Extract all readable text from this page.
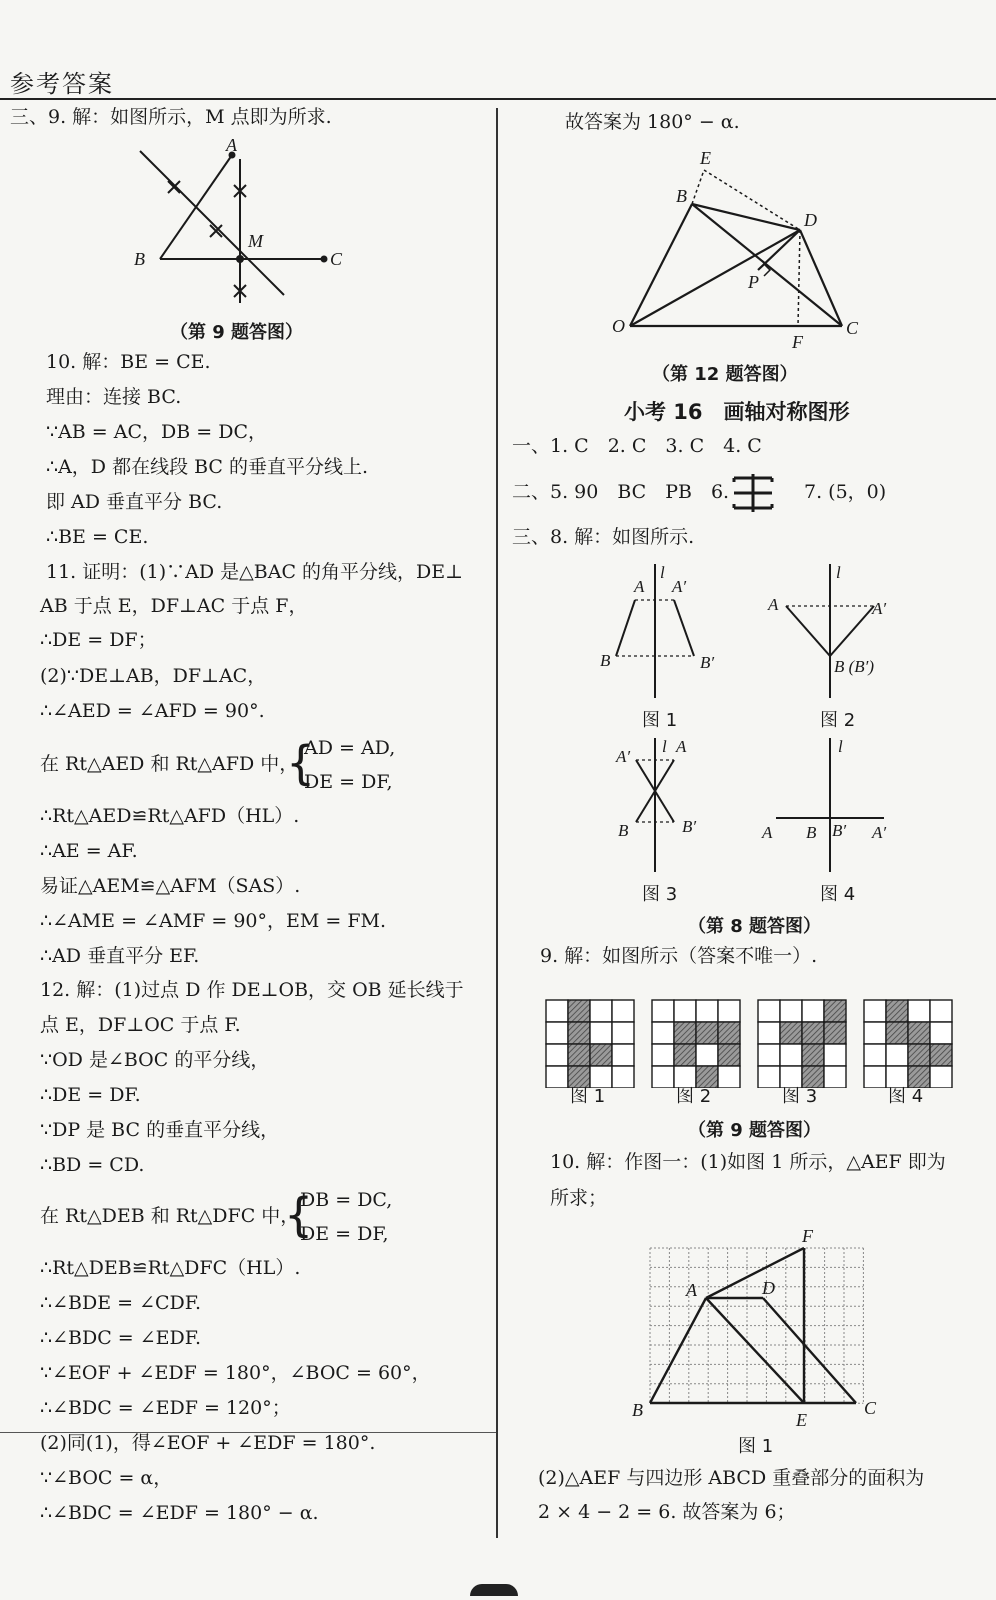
参考答案
三、9. 解：如图所示，M 点即为所求.
A
B	C
M
（第 9 题答图）
10. 解：BE = CE.
理由：连接 BC.
∵AB = AC，DB = DC，
∴A，D 都在线段 BC 的垂直平分线上.
即 AD 垂直平分 BC.
∴BE = CE.
11. 证明：(1)∵AD 是△BAC 的角平分线，DE⊥
AB 于点 E，DF⊥AC 于点 F，
∴DE = DF；
(2)∵DE⊥AB，DF⊥AC，
∴∠AED = ∠AFD = 90°.
在 Rt△AED 和 Rt△AFD 中，
{
AD = AD,
DE = DF,
∴Rt△AED≌Rt△AFD（HL）.
∴AE = AF.
易证△AEM≌△AFM（SAS）.
∴∠AME = ∠AMF = 90°，EM = FM.
∴AD 垂直平分 EF.
12. 解：(1)过点 D 作 DE⊥OB，交 OB 延长线于
点 E，DF⊥OC 于点 F.
∵OD 是∠BOC 的平分线，
∴DE = DF.
∵DP 是 BC 的垂直平分线，
∴BD = CD.
在 Rt△DEB 和 Rt△DFC 中，
{
DB = DC,
DE = DF,
∴Rt△DEB≌Rt△DFC（HL）.
∴∠BDE = ∠CDF.
∴∠BDC = ∠EDF.
∵∠EOF + ∠EDF = 180°，∠BOC = 60°，
∴∠BDC = ∠EDF = 120°；
(2)同(1)，得∠EOF + ∠EDF = 180°.
∵∠BOC = α，
∴∠BDC = ∠EDF = 180° − α.
故答案为 180° − α.
O
B
E
D
P
C
F
（第 12 题答图）
小考 16　画轴对称图形
一、1. C　2. C　3. C　4. C
二、5. 90　BC　PB　6.	7. (5，0)
三、8. 解：如图所示.
A
l
A′
B	B′
A
l
A′
B (B′)
图 1	图 2
A′
l A
B	B′
l
A B B′ A′
图 3	图 4
（第 8 题答图）
9. 解：如图所示（答案不唯一）.
图 1	图 2	图 3	图 4
（第 9 题答图）
10. 解：作图一：(1)如图 1 所示，△AEF 即为
所求；
A	D
F
B	E
C
图 1
(2)△AEF 与四边形 ABCD 重叠部分的面积为
2 × 4 − 2 = 6. 故答案为 6；
